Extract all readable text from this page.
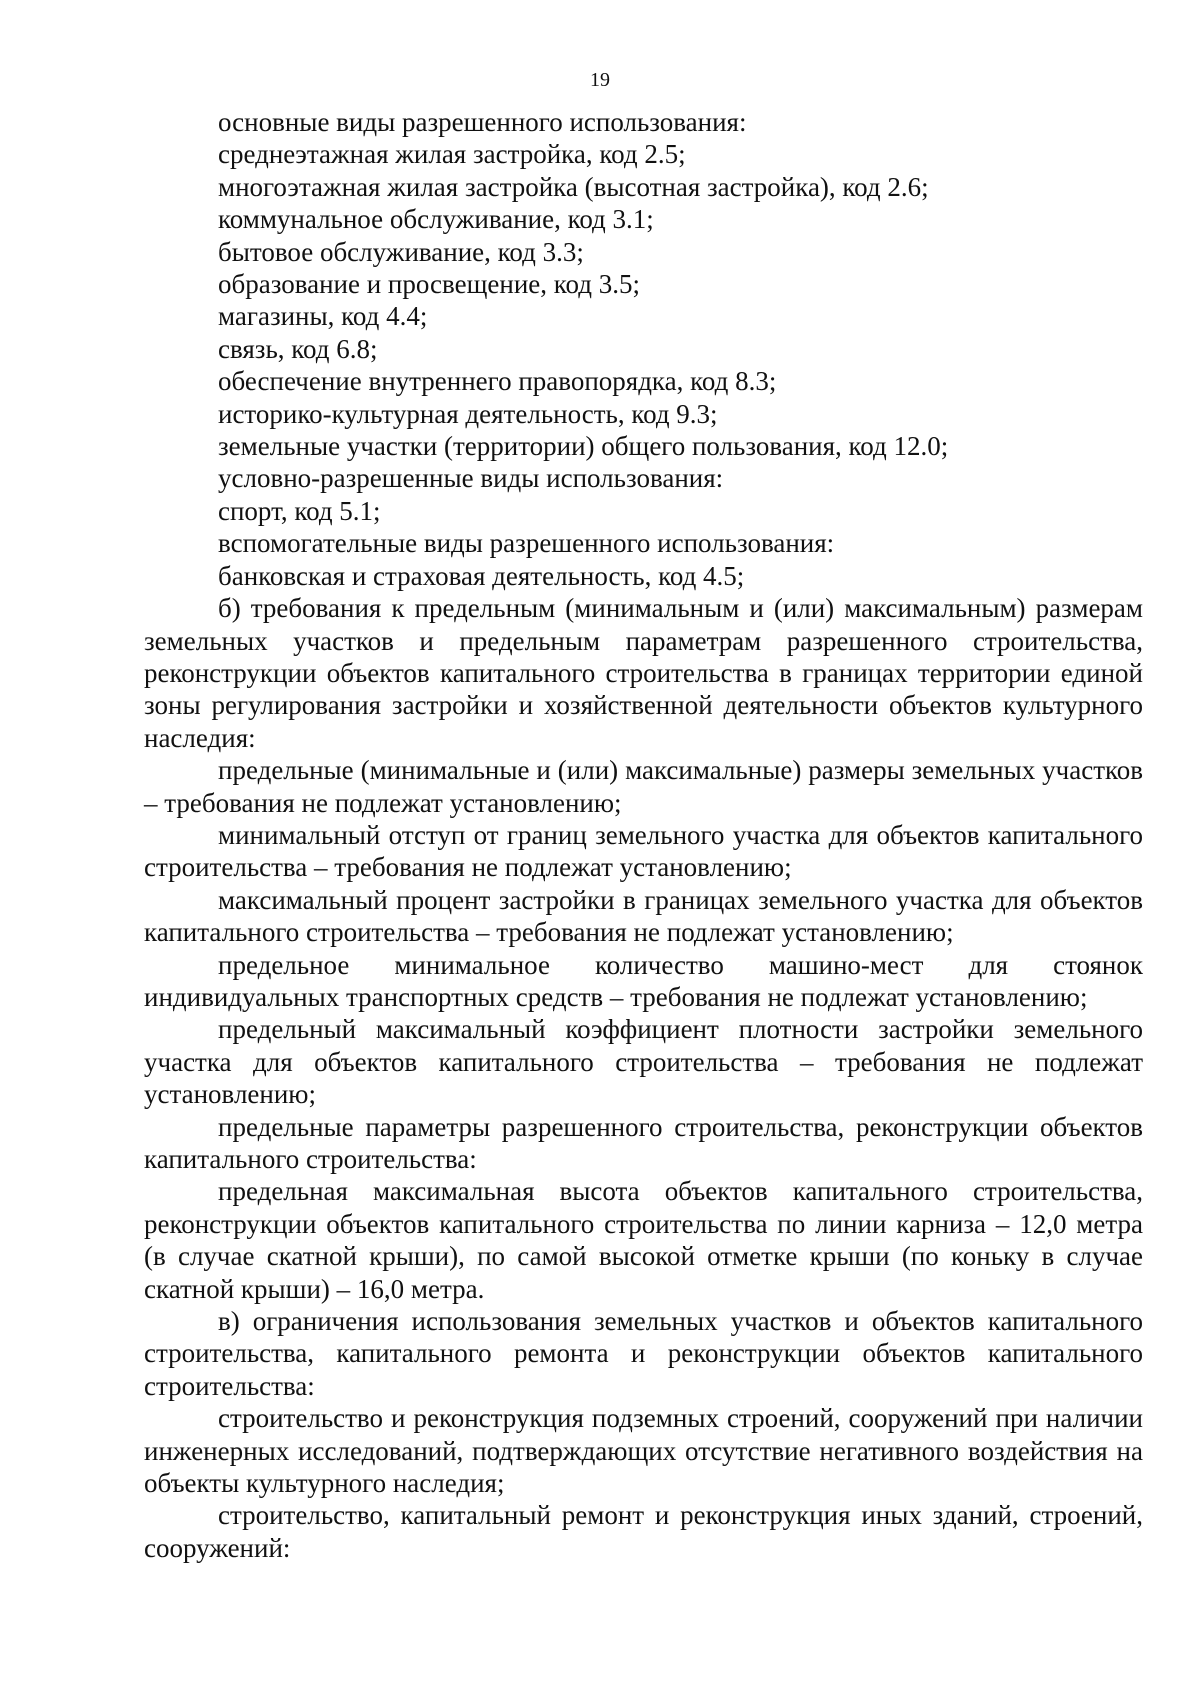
19

основные виды разрешенного использования:

среднеэтажная жилая застройка, код 2.5;

многоэтажная жилая застройка (высотная застройка), код 2.6;

коммунальное обслуживание, код 3.1;

бытовое обслуживание, код 3.3;

образование и просвещение, код 3.5;

магазины, код 4.4;

связь, код 6.8;

обеспечение внутреннего правопорядка, код 8.3;

историко-культурная деятельность, код 9.3;

земельные участки (территории) общего пользования, код 12.0;

условно-разрешенные виды использования:

спорт, код 5.1;

вспомогательные виды разрешенного использования:

банковская и страховая деятельность, код 4.5;

б) требования к предельным (минимальным и (или) максимальным) размерам земельных участков и предельным параметрам разрешенного строительства, реконструкции объектов капитального строительства в границах территории единой зоны регулирования застройки и хозяйственной деятельности объектов культурного наследия:

предельные (минимальные и (или) максимальные) размеры земельных участков – требования не подлежат установлению;

минимальный отступ от границ земельного участка для объектов капитального строительства – требования не подлежат установлению;

максимальный процент застройки в границах земельного участка для объектов капитального строительства – требования не подлежат установлению;

предельное минимальное количество машино-мест для стоянок индивидуальных транспортных средств – требования не подлежат установлению;

предельный максимальный коэффициент плотности застройки земельного участка для объектов капитального строительства – требования не подлежат установлению;

предельные параметры разрешенного строительства, реконструкции объектов капитального строительства:

предельная максимальная высота объектов капитального строительства, реконструкции объектов капитального строительства по линии карниза – 12,0 метра (в случае скатной крыши), по самой высокой отметке крыши (по коньку в случае скатной крыши) – 16,0 метра.

в) ограничения использования земельных участков и объектов капитального строительства, капитального ремонта и реконструкции объектов капитального строительства:

строительство и реконструкция подземных строений, сооружений при наличии инженерных исследований, подтверждающих отсутствие негативного воздействия на объекты культурного наследия;

строительство, капитальный ремонт и реконструкция иных зданий, строений, сооружений:
